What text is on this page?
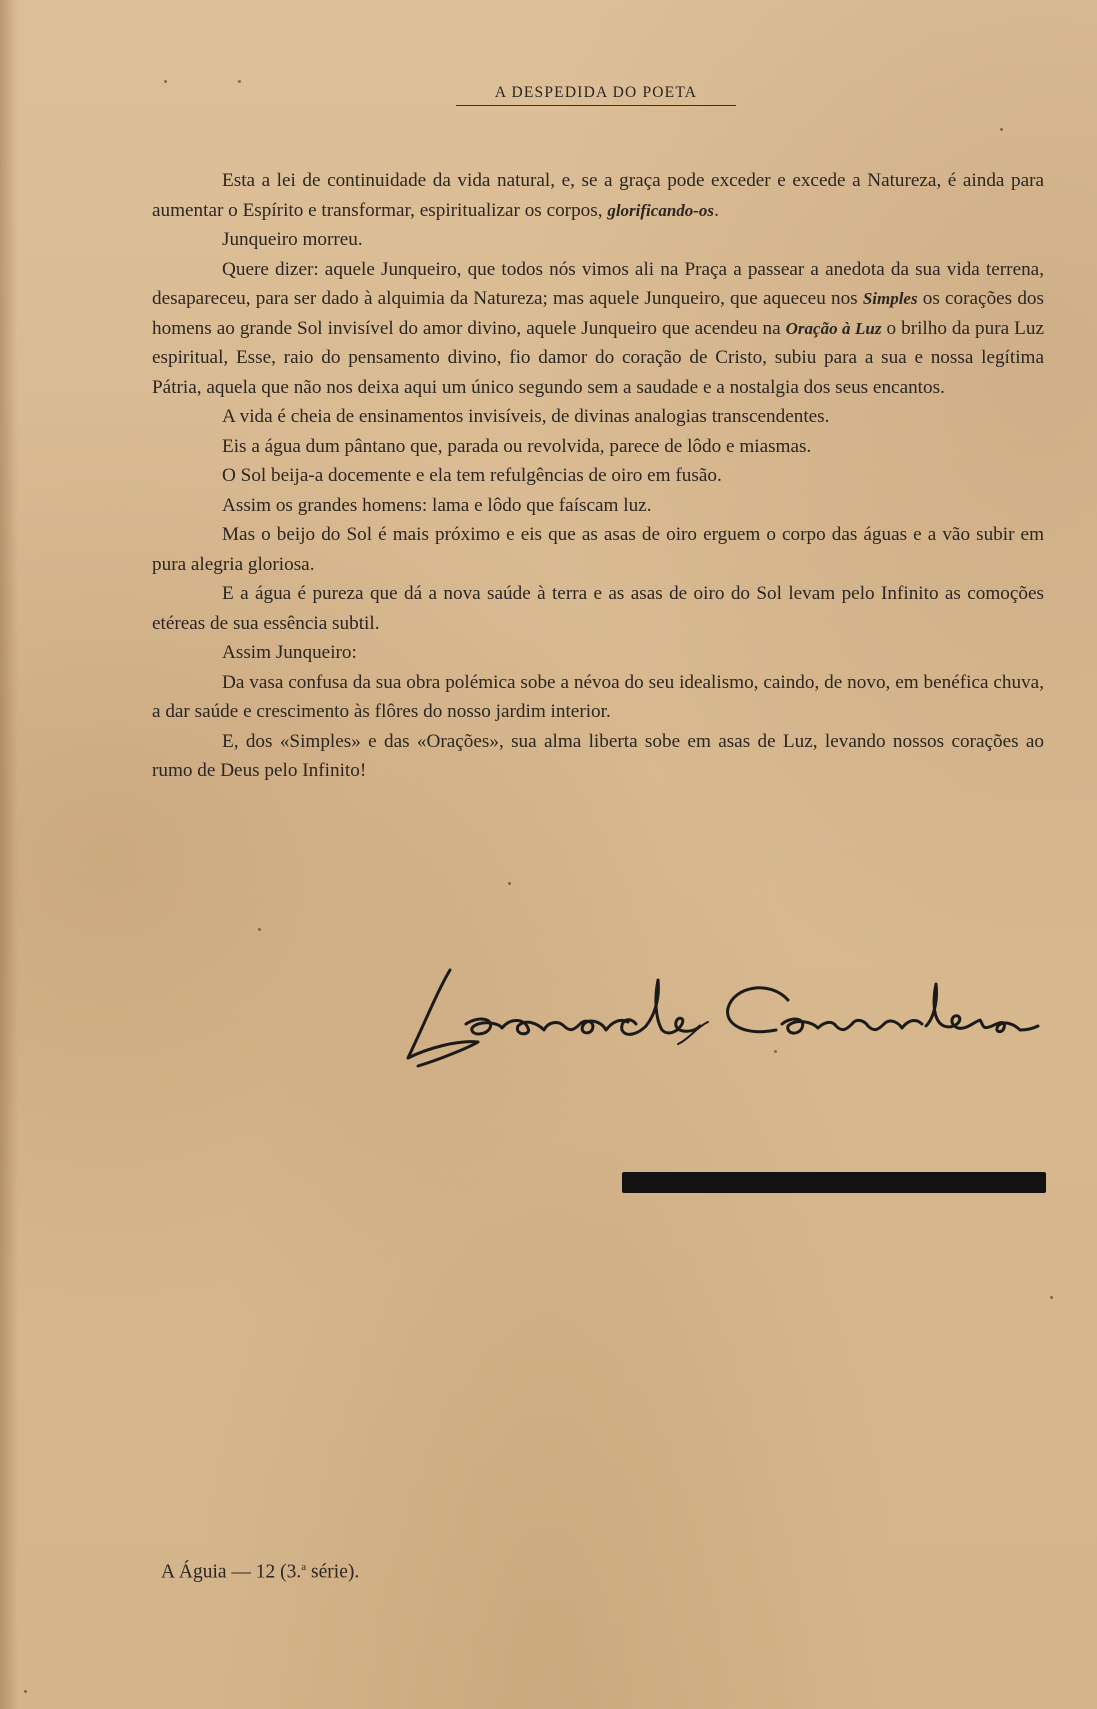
A DESPEDIDA DO POETA

Esta a lei de continuidade da vida natural, e, se a graça pode exceder e excede a Natureza, é ainda para aumentar o Espírito e transformar, espiritualizar os corpos, glorificando-os.

Junqueiro morreu.

Quere dizer: aquele Junqueiro, que todos nós vimos ali na Praça a passear a anedota da sua vida terrena, desapareceu, para ser dado à alquimia da Natureza; mas aquele Junqueiro, que aqueceu nos Simples os corações dos homens ao grande Sol invisível do amor divino, aquele Junqueiro que acendeu na Oração à Luz o brilho da pura Luz espiritual, Esse, raio do pensamento divino, fio damor do coração de Cristo, subiu para a sua e nossa legítima Pátria, aquela que não nos deixa aqui um único segundo sem a saudade e a nostalgia dos seus encantos.

A vida é cheia de ensinamentos invisíveis, de divinas analogias transcendentes.

Eis a água dum pântano que, parada ou revolvida, parece de lôdo e miasmas.

O Sol beija-a docemente e ela tem refulgências de oiro em fusão.

Assim os grandes homens: lama e lôdo que faíscam luz.

Mas o beijo do Sol é mais próximo e eis que as asas de oiro erguem o corpo das águas e a vão subir em pura alegria gloriosa.

E a água é pureza que dá a nova saúde à terra e as asas de oiro do Sol levam pelo Infinito as comoções etéreas de sua essência subtil.

Assim Junqueiro:

Da vasa confusa da sua obra polémica sobe a névoa do seu idealismo, caindo, de novo, em benéfica chuva, a dar saúde e crescimento às flôres do nosso jardim interior.

E, dos «Simples» e das «Orações», sua alma liberta sobe em asas de Luz, levando nossos corações ao rumo de Deus pelo Infinito!

A Águia — 12 (3.$^a$ série).
